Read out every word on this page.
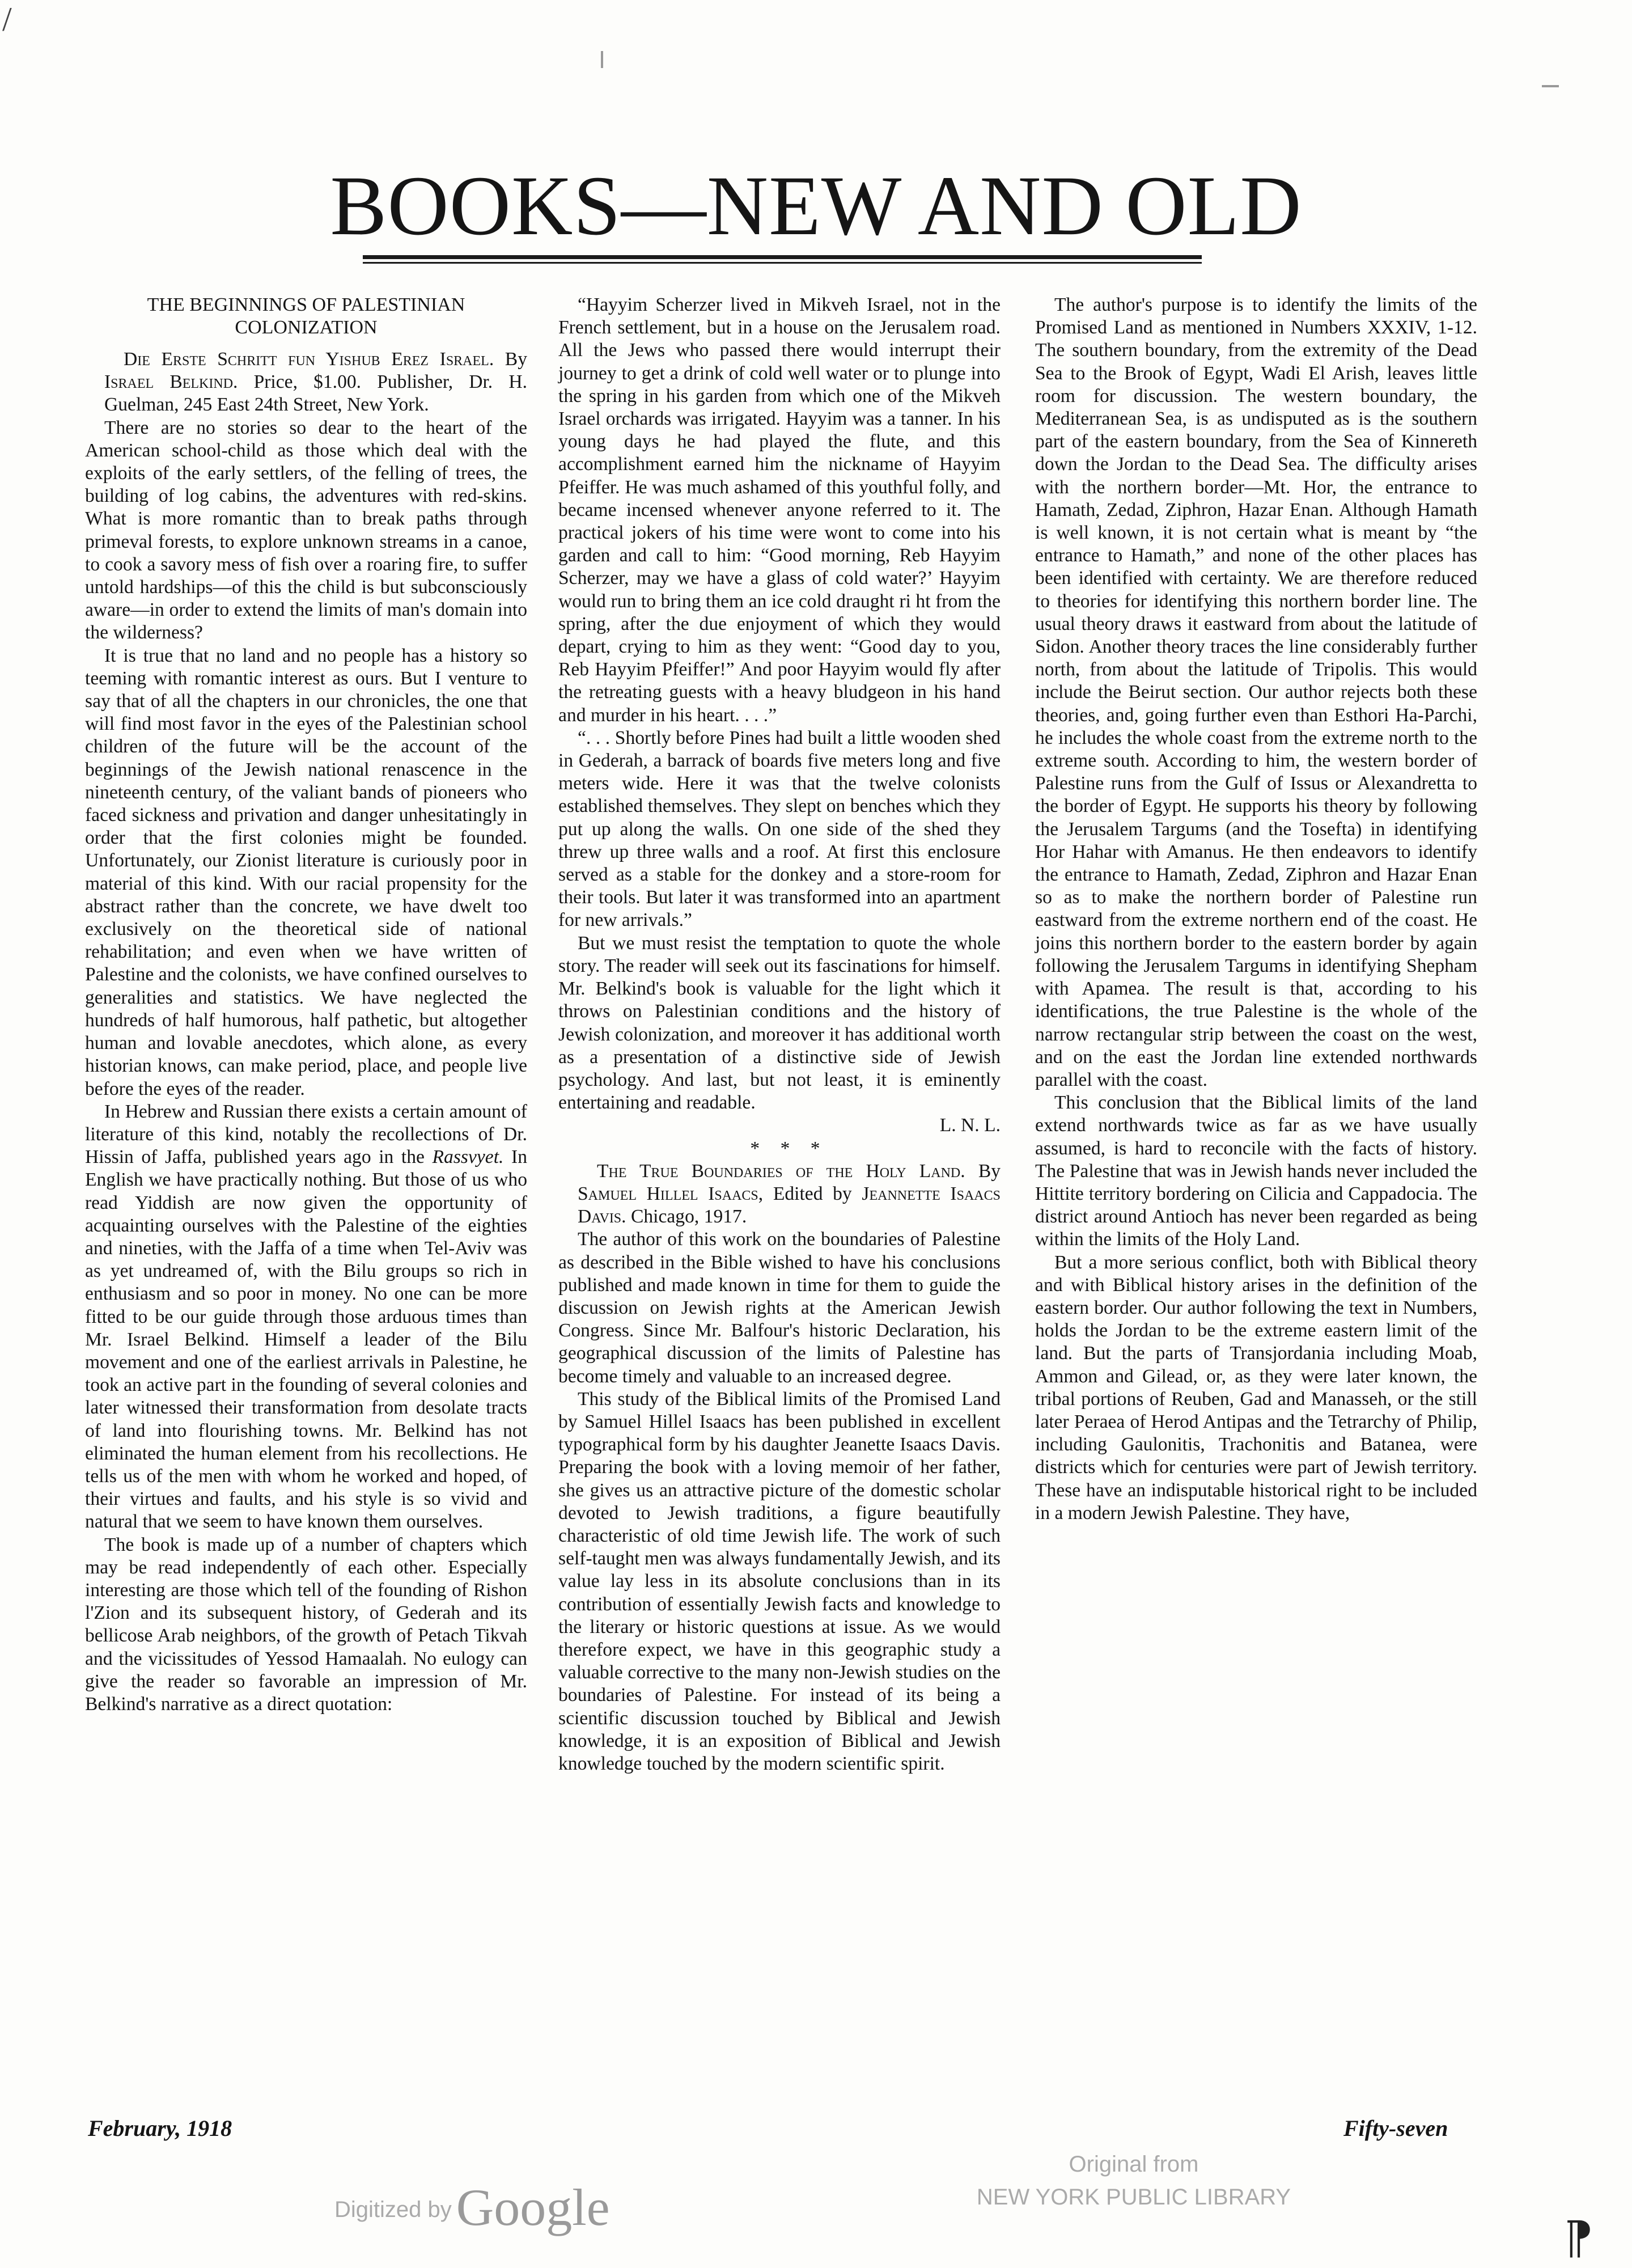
/
BOOKS—NEW AND OLD
THE BEGINNINGS OF PALESTINIAN COLONIZATION

Die Erste Schritt fun Yishub Erez Israel. By Israel Belkind. Price, $1.00. Publisher, Dr. H. Guelman, 245 East 24th Street, New York.

There are no stories so dear to the heart of the American school-child as those which deal with the exploits of the early settlers, of the felling of trees, the building of log cabins, the adventures with red-skins. What is more romantic than to break paths through primeval forests, to explore unknown streams in a canoe, to cook a savory mess of fish over a roaring fire, to suffer untold hardships—of this the child is but subconsciously aware—in order to extend the limits of man's domain into the wilderness?

It is true that no land and no people has a history so teeming with romantic interest as ours. But I venture to say that of all the chapters in our chronicles, the one that will find most favor in the eyes of the Palestinian school children of the future will be the account of the beginnings of the Jewish national renascence in the nineteenth century, of the valiant bands of pioneers who faced sickness and privation and danger unhesitatingly in order that the first colonies might be founded. Unfortunately, our Zionist literature is curiously poor in material of this kind. With our racial propensity for the abstract rather than the concrete, we have dwelt too exclusively on the theoretical side of national rehabilitation; and even when we have written of Palestine and the colonists, we have confined ourselves to generalities and statistics. We have neglected the hundreds of half humorous, half pathetic, but altogether human and lovable anecdotes, which alone, as every historian knows, can make period, place, and people live before the eyes of the reader.

In Hebrew and Russian there exists a certain amount of literature of this kind, notably the recollections of Dr. Hissin of Jaffa, published years ago in the Rassvyet. In English we have practically nothing. But those of us who read Yiddish are now given the opportunity of acquainting ourselves with the Palestine of the eighties and nineties, with the Jaffa of a time when Tel-Aviv was as yet undreamed of, with the Bilu groups so rich in enthusiasm and so poor in money. No one can be more fitted to be our guide through those arduous times than Mr. Israel Belkind. Himself a leader of the Bilu movement and one of the earliest arrivals in Palestine, he took an active part in the founding of several colonies and later witnessed their transformation from desolate tracts of land into flourishing towns. Mr. Belkind has not eliminated the human element from his recollections. He tells us of the men with whom he worked and hoped, of their virtues and faults, and his style is so vivid and natural that we seem to have known them ourselves.

The book is made up of a number of chapters which may be read independently of each other. Especially interesting are those which tell of the founding of Rishon l'Zion and its subsequent history, of Gederah and its bellicose Arab neighbors, of the growth of Petach Tikvah and the vicissitudes of Yessod Hamaalah. No eulogy can give the reader so favorable an impression of Mr. Belkind's narrative as a direct quotation:

“Hayyim Scherzer lived in Mikveh Israel, not in the French settlement, but in a house on the Jerusalem road. All the Jews who passed there would interrupt their journey to get a drink of cold well water or to plunge into the spring in his garden from which one of the Mikveh Israel orchards was irrigated. Hayyim was a tanner. In his young days he had played the flute, and this accomplishment earned him the nickname of Hayyim Pfeiffer. He was much ashamed of this youthful folly, and became incensed whenever anyone referred to it. The practical jokers of his time were wont to come into his garden and call to him: “Good morning, Reb Hayyim Scherzer, may we have a glass of cold water?’ Hayyim would run to bring them an ice cold draught ri ht from the spring, after the due enjoyment of which they would depart, crying to him as they went: “Good day to you, Reb Hayyim Pfeiffer!” And poor Hayyim would fly after the retreating guests with a heavy bludgeon in his hand and murder in his heart. . . .”

“. . . Shortly before Pines had built a little wooden shed in Gederah, a barrack of boards five meters long and five meters wide. Here it was that the twelve colonists established themselves. They slept on benches which they put up along the walls. On one side of the shed they threw up three walls and a roof. At first this enclosure served as a stable for the donkey and a store-room for their tools. But later it was transformed into an apartment for new arrivals.”

But we must resist the temptation to quote the whole story. The reader will seek out its fascinations for himself. Mr. Belkind's book is valuable for the light which it throws on Palestinian conditions and the history of Jewish colonization, and moreover it has additional worth as a presentation of a distinctive side of Jewish psychology. And last, but not least, it is eminently entertaining and readable.

L. N. L.

* * *

The True Boundaries of the Holy Land. By Samuel Hillel Isaacs, Edited by Jeannette Isaacs Davis. Chicago, 1917.

The author of this work on the boundaries of Palestine as described in the Bible wished to have his conclusions published and made known in time for them to guide the discussion on Jewish rights at the American Jewish Congress. Since Mr. Balfour's historic Declaration, his geographical discussion of the limits of Palestine has become timely and valuable to an increased degree.

This study of the Biblical limits of the Promised Land by Samuel Hillel Isaacs has been published in excellent typographical form by his daughter Jeanette Isaacs Davis. Preparing the book with a loving memoir of her father, she gives us an attractive picture of the domestic scholar devoted to Jewish traditions, a figure beautifully characteristic of old time Jewish life. The work of such self-taught men was always fundamentally Jewish, and its value lay less in its absolute conclusions than in its contribution of essentially Jewish facts and knowledge to the literary or historic questions at issue. As we would therefore expect, we have in this geographic study a valuable corrective to the many non-Jewish studies on the boundaries of Palestine. For instead of its being a scientific discussion touched by Biblical and Jewish knowledge, it is an exposition of Biblical and Jewish knowledge touched by the modern scientific spirit.

The author's purpose is to identify the limits of the Promised Land as mentioned in Numbers XXXIV, 1-12. The southern boundary, from the extremity of the Dead Sea to the Brook of Egypt, Wadi El Arish, leaves little room for discussion. The western boundary, the Mediterranean Sea, is as undisputed as is the southern part of the eastern boundary, from the Sea of Kinnereth down the Jordan to the Dead Sea. The difficulty arises with the northern border—Mt. Hor, the entrance to Hamath, Zedad, Ziphron, Hazar Enan. Although Hamath is well known, it is not certain what is meant by “the entrance to Hamath,” and none of the other places has been identified with certainty. We are therefore reduced to theories for identifying this northern border line. The usual theory draws it eastward from about the latitude of Sidon. Another theory traces the line considerably further north, from about the latitude of Tripolis. This would include the Beirut section. Our author rejects both these theories, and, going further even than Esthori Ha-Parchi, he includes the whole coast from the extreme north to the extreme south. According to him, the western border of Palestine runs from the Gulf of Issus or Alexandretta to the border of Egypt. He supports his theory by following the Jerusalem Targums (and the Tosefta) in identifying Hor Hahar with Amanus. He then endeavors to identify the entrance to Hamath, Zedad, Ziphron and Hazar Enan so as to make the northern border of Palestine run eastward from the extreme northern end of the coast. He joins this northern border to the eastern border by again following the Jerusalem Targums in identifying Shepham with Apamea. The result is that, according to his identifications, the true Palestine is the whole of the narrow rectangular strip between the coast on the west, and on the east the Jordan line extended northwards parallel with the coast.

This conclusion that the Biblical limits of the land extend northwards twice as far as we have usually assumed, is hard to reconcile with the facts of history. The Palestine that was in Jewish hands never included the Hittite territory bordering on Cilicia and Cappadocia. The district around Antioch has never been regarded as being within the limits of the Holy Land.

But a more serious conflict, both with Biblical theory and with Biblical history arises in the definition of the eastern border. Our author following the text in Numbers, holds the Jordan to be the extreme eastern limit of the land. But the parts of Transjordania including Moab, Ammon and Gilead, or, as they were later known, the tribal portions of Reuben, Gad and Manasseh, or the still later Peraea of Herod Antipas and the Tetrarchy of Philip, including Gaulonitis, Trachonitis and Batanea, were districts which for centuries were part of Jewish territory. These have an indisputable historical right to be included in a modern Jewish Palestine. They have,

February, 1918	Fifty-seven
Digitized byGoogle
Original from
NEW YORK PUBLIC LIBRARY
⁋
